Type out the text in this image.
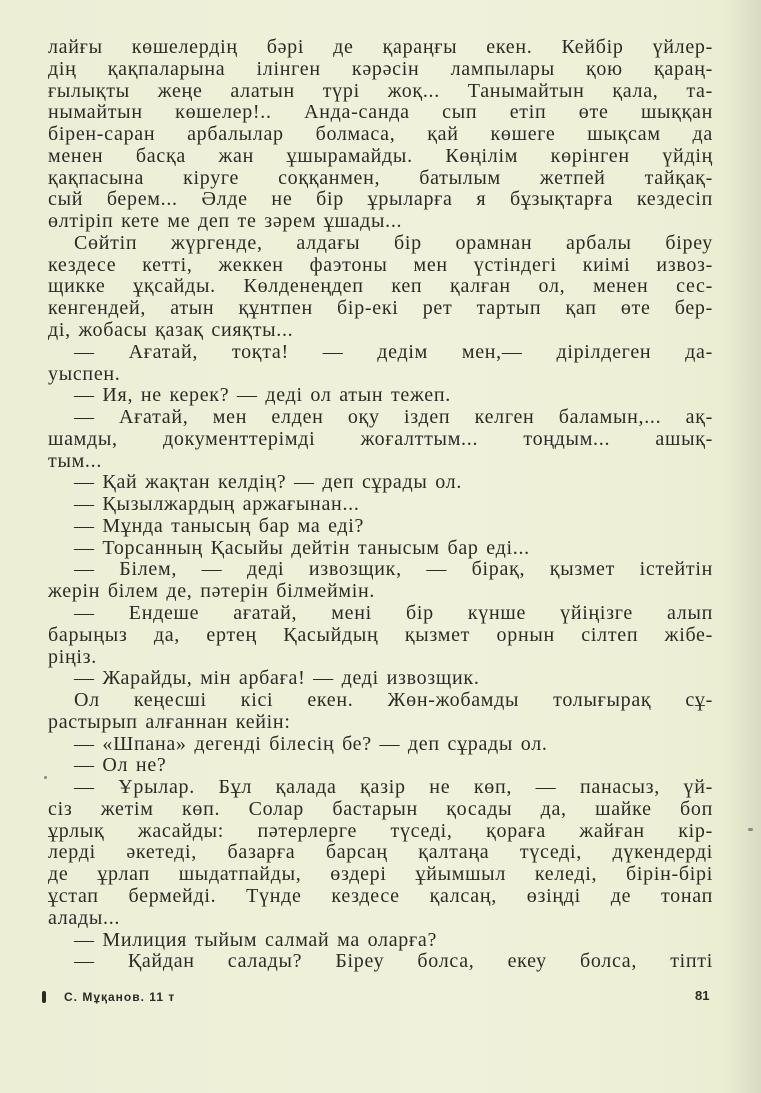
лайғы көшелердің бәрі де қараңғы екен. Кейбір үйлер-
дің қақпаларына ілінген кәрәсін лампылары қою қараң-
ғылықты жеңе алатын түрі жоқ... Танымайтын қала, та-
нымайтын көшелер!.. Анда-санда сып етіп өте шыққан
бірен-саран арбалылар болмаса, қай көшеге шықсам да
менен басқа жан ұшырамайды. Көңілім көрінген үйдің
қақпасына кіруге соққанмен, батылым жетпей тайқақ-
сый берем... Әлде не бір ұрыларға я бұзықтарға кездесіп
өлтіріп кете ме деп те зәрем ұшады...
Сөйтіп жүргенде, алдағы бір орамнан арбалы біреу
кездесе кетті, жеккен фаэтоны мен үстіндегі киімі извоз-
щикке ұқсайды. Көлденеңдеп кеп қалған ол, менен сес-
кенгендей, атын құнтпен бір-екі рет тартып қап өте бер-
ді, жобасы қазақ сияқты...
— Ағатай, тоқта! — дедім мен,— дірілдеген да-
уыспен.
— Ия, не керек? — деді ол атын тежеп.
— Ағатай, мен елден оқу іздеп келген баламын,... ақ-
шамды, документтерімді жоғалттым... тоңдым... ашық-
тым...
— Қай жақтан келдің? — деп сұрады ол.
— Қызылжардың аржағынан...
— Мұнда танысың бар ма еді?
— Торсанның Қасыйы дейтін танысым бар еді...
— Білем, — деді извозщик, — бірақ, қызмет істейтін
жерін білем де, пәтерін білмеймін.
— Ендеше ағатай, мені бір күнше үйіңізге алып
барыңыз да, ертең Қасыйдың қызмет орнын сілтеп жібе-
ріңіз.
— Жарайды, мін арбаға! — деді извозщик.
Ол кеңесші кісі екен. Жөн-жобамды толығырақ сұ-
растырып алғаннан кейін:
— «Шпана» дегенді білесің бе? — деп сұрады ол.
— Ол не?
— Ұрылар. Бұл қалада қазір не көп, — панасыз, үй-
сіз жетім көп. Солар бастарын қосады да, шайке боп
ұрлық жасайды: пәтерлерге түседі, қораға жайған кір-
лерді әкетеді, базарға барсаң қалтаңа түседі, дүкендерді
де ұрлап шыдатпайды, өздері ұйымшыл келеді, бірін-бірі
ұстап бермейді. Түнде кездесе қалсаң, өзіңді де тонап
алады...
— Милиция тыйым салмай ма оларға?
— Қайдан салады? Біреу болса, екеу болса, тіпті
С. Мұқанов. 11 т	81
